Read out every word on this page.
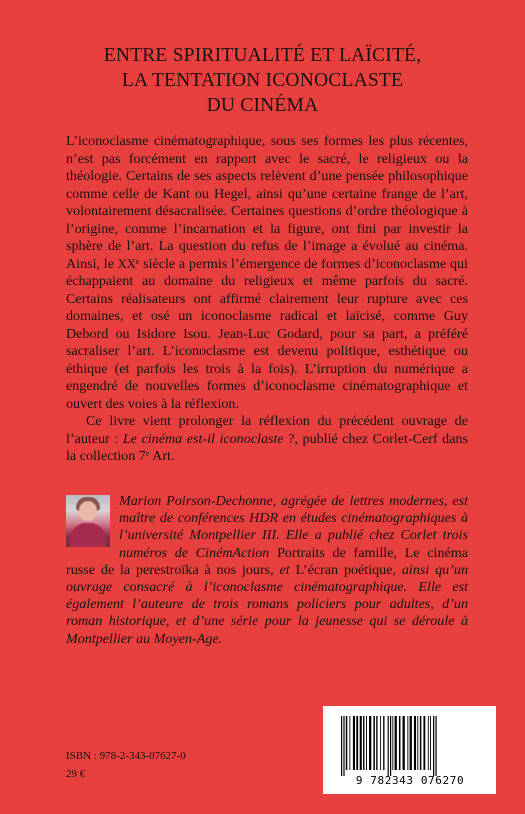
ENTRE SPIRITUALITÉ ET LAÏCITÉ,
LA TENTATION ICONOCLASTE
DU CINÉMA

L’iconoclasme cinématographique, sous ses formes les plus récentes, n’est pas forcément en rapport avec le sacré, le religieux ou la théologie. Certains de ses aspects relèvent d’une pensée philosophique comme celle de Kant ou Hegel, ainsi qu’une certaine frange de l’art, volontairement désacralisée. Certaines questions d’ordre théologique à l’origine, comme l’incarnation et la figure, ont fini par investir la sphère de l’art. La question du refus de l’image a évolué au cinéma. Ainsi, le XXe siècle a permis l’émergence de formes d’iconoclasme qui échappaient au domaine du religieux et même parfois du sacré. Certains réalisateurs ont affirmé clairement leur rupture avec ces domaines, et osé un iconoclasme radical et laïcisé, comme Guy Debord ou Isidore Isou. Jean-Luc Godard, pour sa part, a préféré sacraliser l’art. L’iconoclasme est devenu politique, esthétique ou éthique (et parfois les trois à la fois). L’irruption du numérique a engendré de nouvelles formes d’iconoclasme cinématographique et ouvert des voies à la réflexion.

Ce livre vient prolonger la réflexion du précédent ouvrage de l’auteur : Le cinéma est-il iconoclaste ?, publié chez Corlet-Cerf dans la collection 7e Art.

Marion Poirson-Dechonne, agrégée de lettres modernes, est maître de conférences HDR en études cinématographiques à l’université Montpellier III. Elle a publié chez Corlet trois numéros de CinémAction Portraits de famille, Le cinéma russe de la perestroïka à nos jours, et L’écran poétique, ainsi qu’un ouvrage consacré à l’iconoclasme cinématographique. Elle est également l’auteure de trois romans policiers pour adultes, d’un roman historique, et d’une série pour la jeunesse qui se déroule à Montpellier au Moyen-Age.
ISBN : 978-2-343-07627-0
29 €	9 782343 076270
